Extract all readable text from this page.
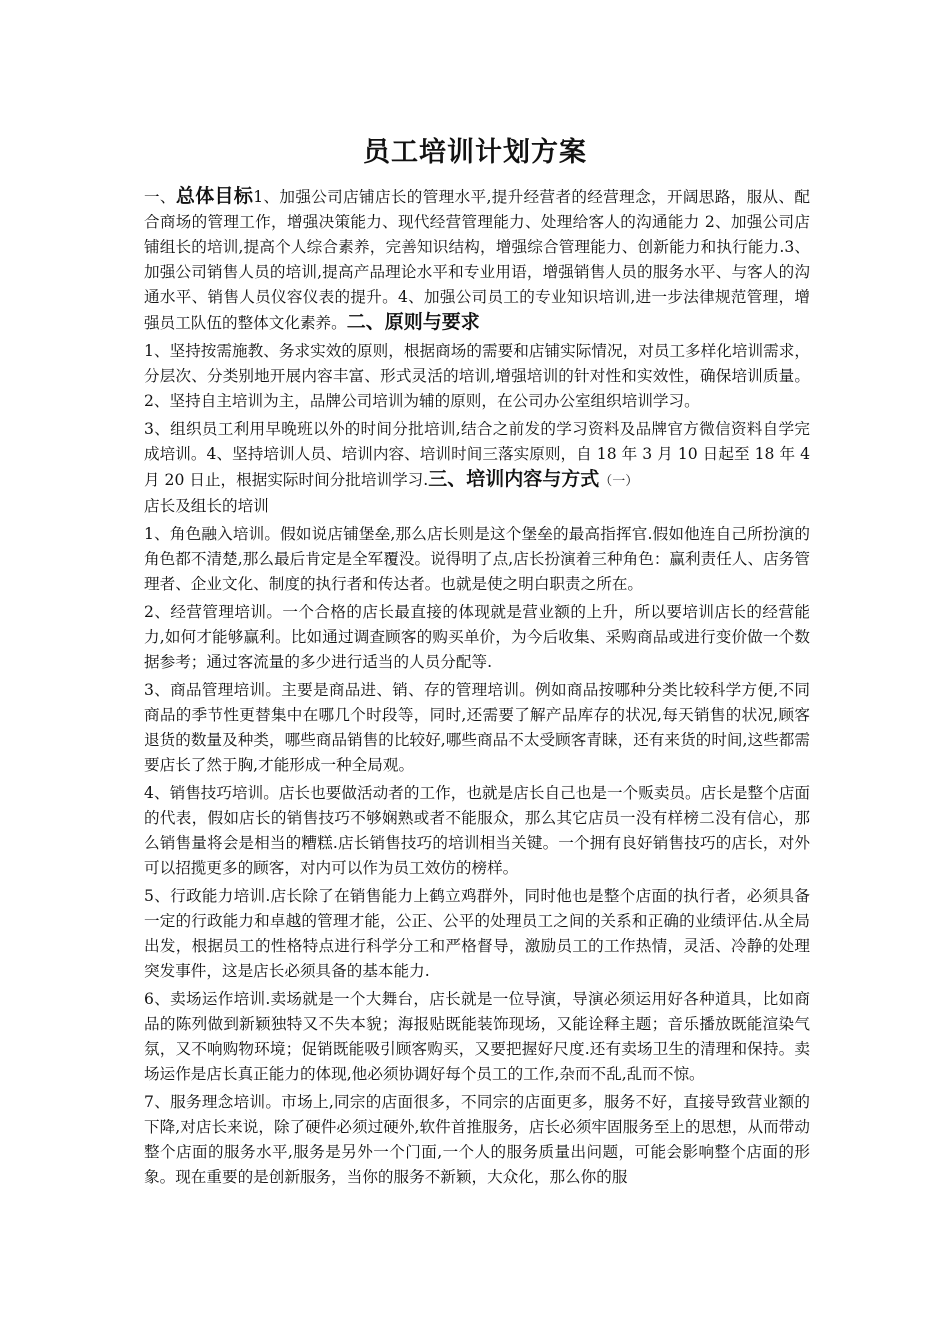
员工培训计划方案

一、总体目标1、加强公司店铺店长的管理水平,提升经营者的经营理念，开阔思路，服从、配合商场的管理工作，增强决策能力、现代经营管理能力、处理给客人的沟通能力 2、加强公司店铺组长的培训,提高个人综合素养，完善知识结构，增强综合管理能力、创新能力和执行能力.3、加强公司销售人员的培训,提高产品理论水平和专业用语，增强销售人员的服务水平、与客人的沟通水平、销售人员仪容仪表的提升。4、加强公司员工的专业知识培训,进一步法律规范管理，增强员工队伍的整体文化素养。二、原则与要求

1、坚持按需施教、务求实效的原则，根据商场的需要和店铺实际情况，对员工多样化培训需求，分层次、分类别地开展内容丰富、形式灵活的培训,增强培训的针对性和实效性，确保培训质量。2、坚持自主培训为主，品牌公司培训为辅的原则，在公司办公室组织培训学习。

3、组织员工利用早晚班以外的时间分批培训,结合之前发的学习资料及品牌官方微信资料自学完成培训。4、坚持培训人员、培训内容、培训时间三落实原则，自 18 年 3 月 10 日起至 18 年 4 月 20 日止，根据实际时间分批培训学习.三、培训内容与方式（一）
店长及组长的培训

1、角色融入培训。假如说店铺堡垒,那么店长则是这个堡垒的最高指挥官.假如他连自己所扮演的角色都不清楚,那么最后肯定是全军覆没。说得明了点,店长扮演着三种角色：赢利责任人、店务管理者、企业文化、制度的执行者和传达者。也就是使之明白职责之所在。

2、经营管理培训。一个合格的店长最直接的体现就是营业额的上升，所以要培训店长的经营能力,如何才能够赢利。比如通过调查顾客的购买单价，为今后收集、采购商品或进行变价做一个数据参考；通过客流量的多少进行适当的人员分配等.

3、商品管理培训。主要是商品进、销、存的管理培训。例如商品按哪种分类比较科学方便,不同商品的季节性更替集中在哪几个时段等，同时,还需要了解产品库存的状况,每天销售的状况,顾客退货的数量及种类，哪些商品销售的比较好,哪些商品不太受顾客青睐，还有来货的时间,这些都需要店长了然于胸,才能形成一种全局观。

4、销售技巧培训。店长也要做活动者的工作，也就是店长自己也是一个贩卖员。店长是整个店面的代表，假如店长的销售技巧不够娴熟或者不能服众，那么其它店员一没有样榜二没有信心，那么销售量将会是相当的糟糕.店长销售技巧的培训相当关键。一个拥有良好销售技巧的店长，对外可以招揽更多的顾客，对内可以作为员工效仿的榜样。

5、行政能力培训.店长除了在销售能力上鹤立鸡群外，同时他也是整个店面的执行者，必须具备一定的行政能力和卓越的管理才能，公正、公平的处理员工之间的关系和正确的业绩评估.从全局出发，根据员工的性格特点进行科学分工和严格督导，激励员工的工作热情，灵活、冷静的处理突发事件，这是店长必须具备的基本能力.

6、卖场运作培训.卖场就是一个大舞台，店长就是一位导演，导演必须运用好各种道具，比如商品的陈列做到新颖独特又不失本貌；海报贴既能装饰现场，又能诠释主题；音乐播放既能渲染气氛，又不响购物环境；促销既能吸引顾客购买，又要把握好尺度.还有卖场卫生的清理和保持。卖场运作是店长真正能力的体现,他必须协调好每个员工的工作,杂而不乱,乱而不惊。

7、服务理念培训。市场上,同宗的店面很多，不同宗的店面更多，服务不好，直接导致营业额的下降,对店长来说，除了硬件必须过硬外,软件首推服务，店长必须牢固服务至上的思想，从而带动整个店面的服务水平,服务是另外一个门面,一个人的服务质量出问题，可能会影响整个店面的形象。现在重要的是创新服务，当你的服务不新颖，大众化，那么你的服
